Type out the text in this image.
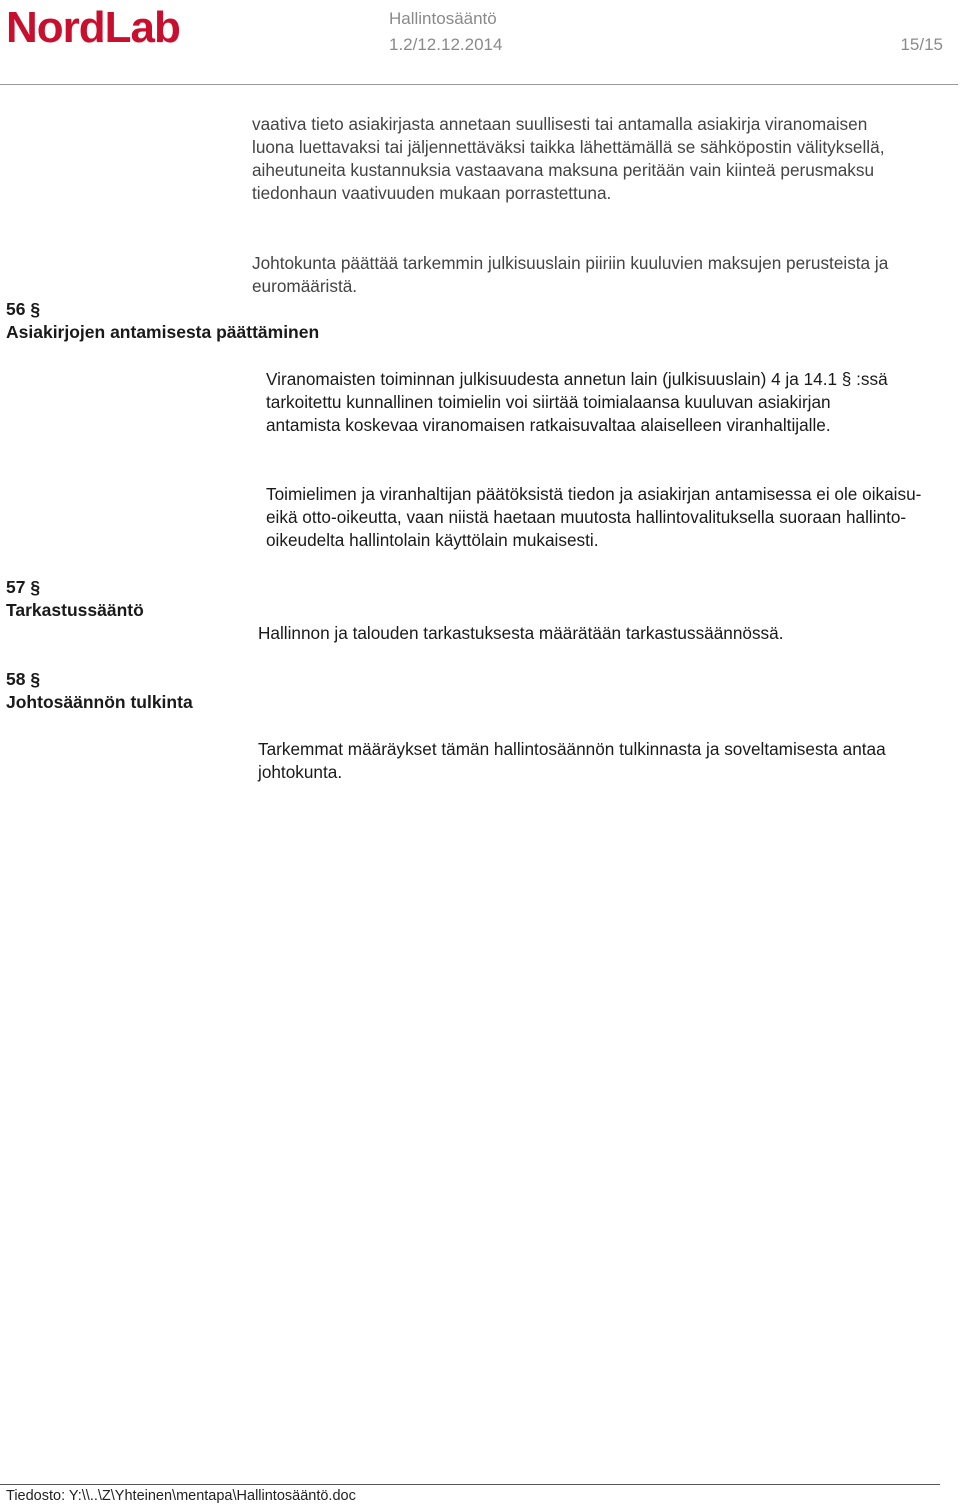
NordLab	Hallintosääntö
1.2/12.12.2014	15/15

vaativa tieto asiakirjasta annetaan suullisesti tai antamalla asiakirja viranomaisen luona luettavaksi tai jäljennettäväksi taikka lähettämällä se sähköpostin välityksellä, aiheutuneita kustannuksia vastaavana maksuna peritään vain kiinteä perusmaksu tiedonhaun vaativuuden mukaan porrastettuna.

Johtokunta päättää tarkemmin julkisuuslain piiriin kuuluvien maksujen perusteista ja euromääristä.

56 §
Asiakirjojen antamisesta päättäminen

Viranomaisten toiminnan julkisuudesta annetun lain (julkisuuslain) 4 ja 14.1 § :ssä tarkoitettu kunnallinen toimielin voi siirtää toimialaansa kuuluvan asiakirjan antamista koskevaa viranomaisen ratkaisuvaltaa alaiselleen viranhaltijalle.

Toimielimen ja viranhaltijan päätöksistä tiedon ja asiakirjan antamisessa ei ole oikaisu- eikä otto-oikeutta, vaan niistä haetaan muutosta hallintovalituksella suoraan hallinto-oikeudelta hallintolain käyttölain mukaisesti.

57 §
Tarkastussääntö

Hallinnon ja talouden tarkastuksesta määrätään tarkastussäännössä.

58 §
Johtosäännön tulkinta

Tarkemmat määräykset tämän hallintosäännön tulkinnasta ja soveltamisesta antaa johtokunta.

Tiedosto: Y:\\..\Z\Yhteinen\mentapa\Hallintosääntö.doc
